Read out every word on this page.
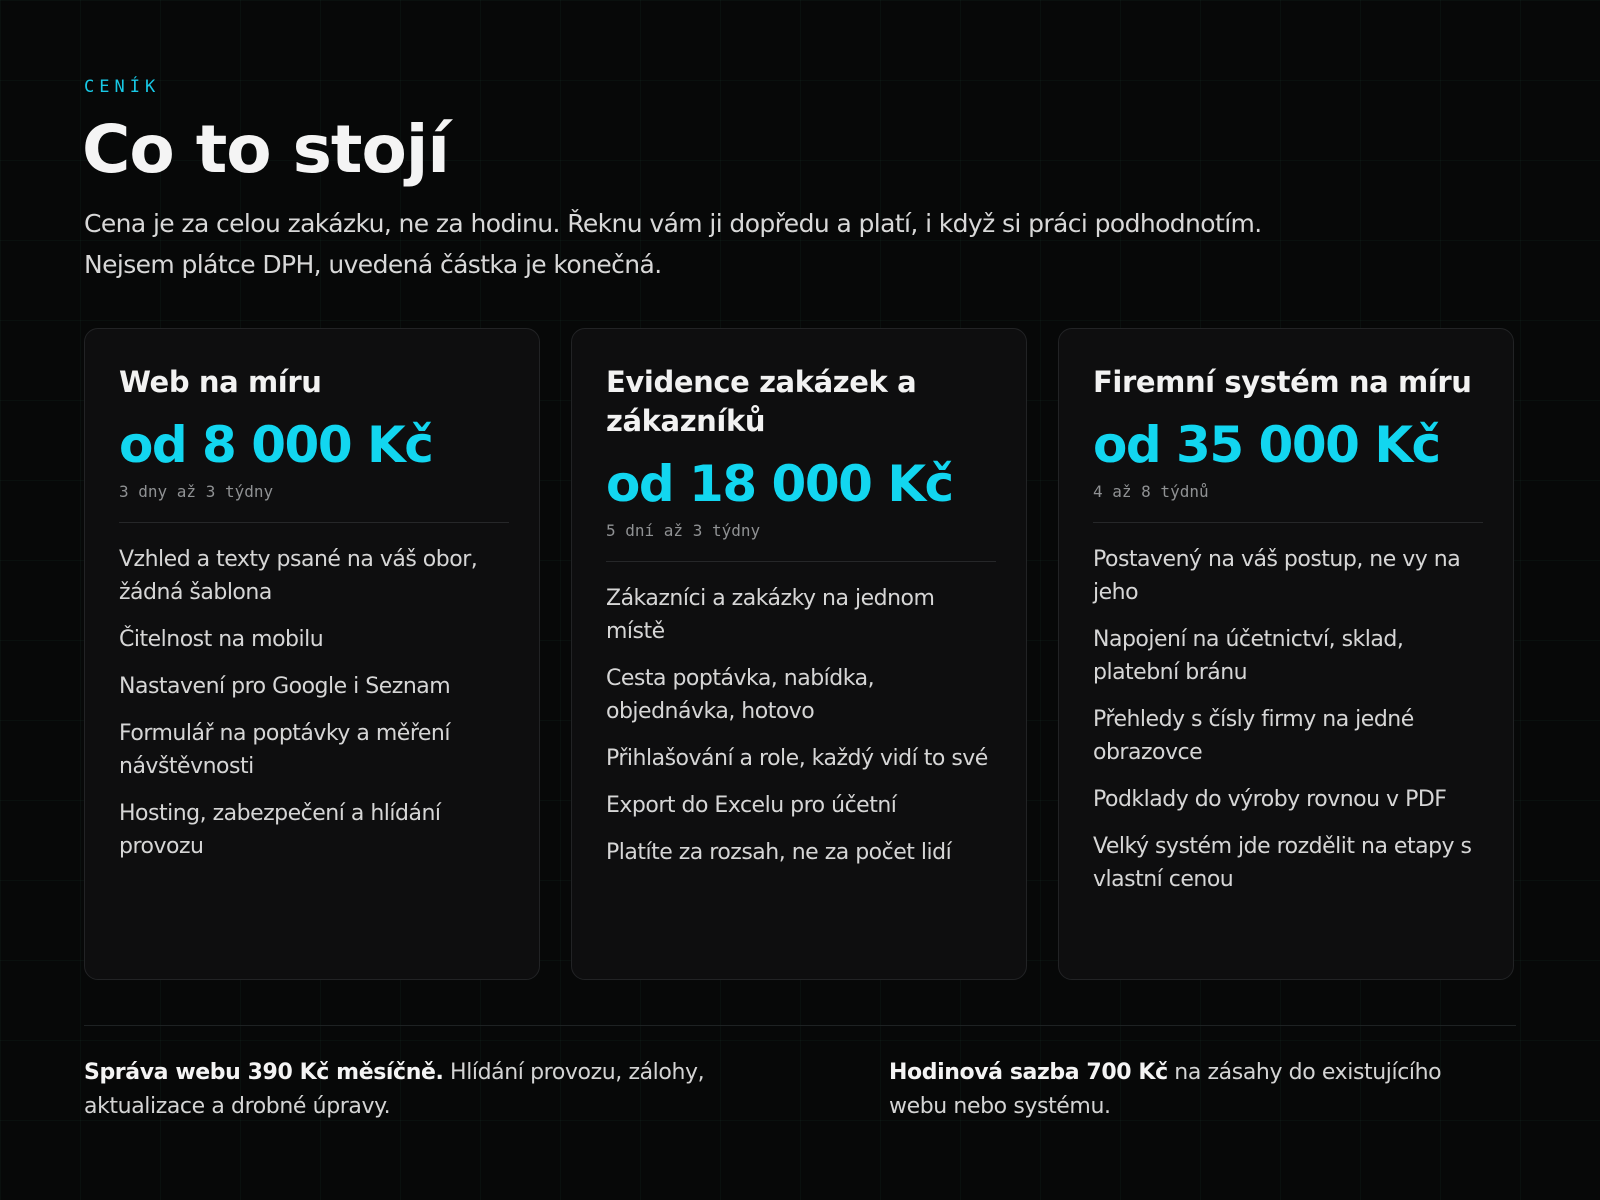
CENÍK
Co to stojí
Cena je za celou zakázku, ne za hodinu. Řeknu vám ji dopředu a platí, i když si práci podhodnotím.
Nejsem plátce DPH, uvedená částka je konečná.
Web na míru
od 8 000 Kč
3 dny až 3 týdny
Vzhled a texty psané na váš obor, žádná šablona
Čitelnost na mobilu
Nastavení pro Google i Seznam
Formulář na poptávky a měření návštěvnosti
Hosting, zabezpečení a hlídání provozu
Evidence zakázek a zákazníků
od 18 000 Kč
5 dní až 3 týdny
Zákazníci a zakázky na jednom místě
Cesta poptávka, nabídka, objednávka, hotovo
Přihlašování a role, každý vidí to své
Export do Excelu pro účetní
Platíte za rozsah, ne za počet lidí
Firemní systém na míru
od 35 000 Kč
4 až 8 týdnů
Postavený na váš postup, ne vy na jeho
Napojení na účetnictví, sklad, platební bránu
Přehledy s čísly firmy na jedné obrazovce
Podklady do výroby rovnou v PDF
Velký systém jde rozdělit na etapy s vlastní cenou
Správa webu 390 Kč měsíčně. Hlídání provozu, zálohy, aktualizace a drobné úpravy.
Hodinová sazba 700 Kč na zásahy do existujícího webu nebo systému.
